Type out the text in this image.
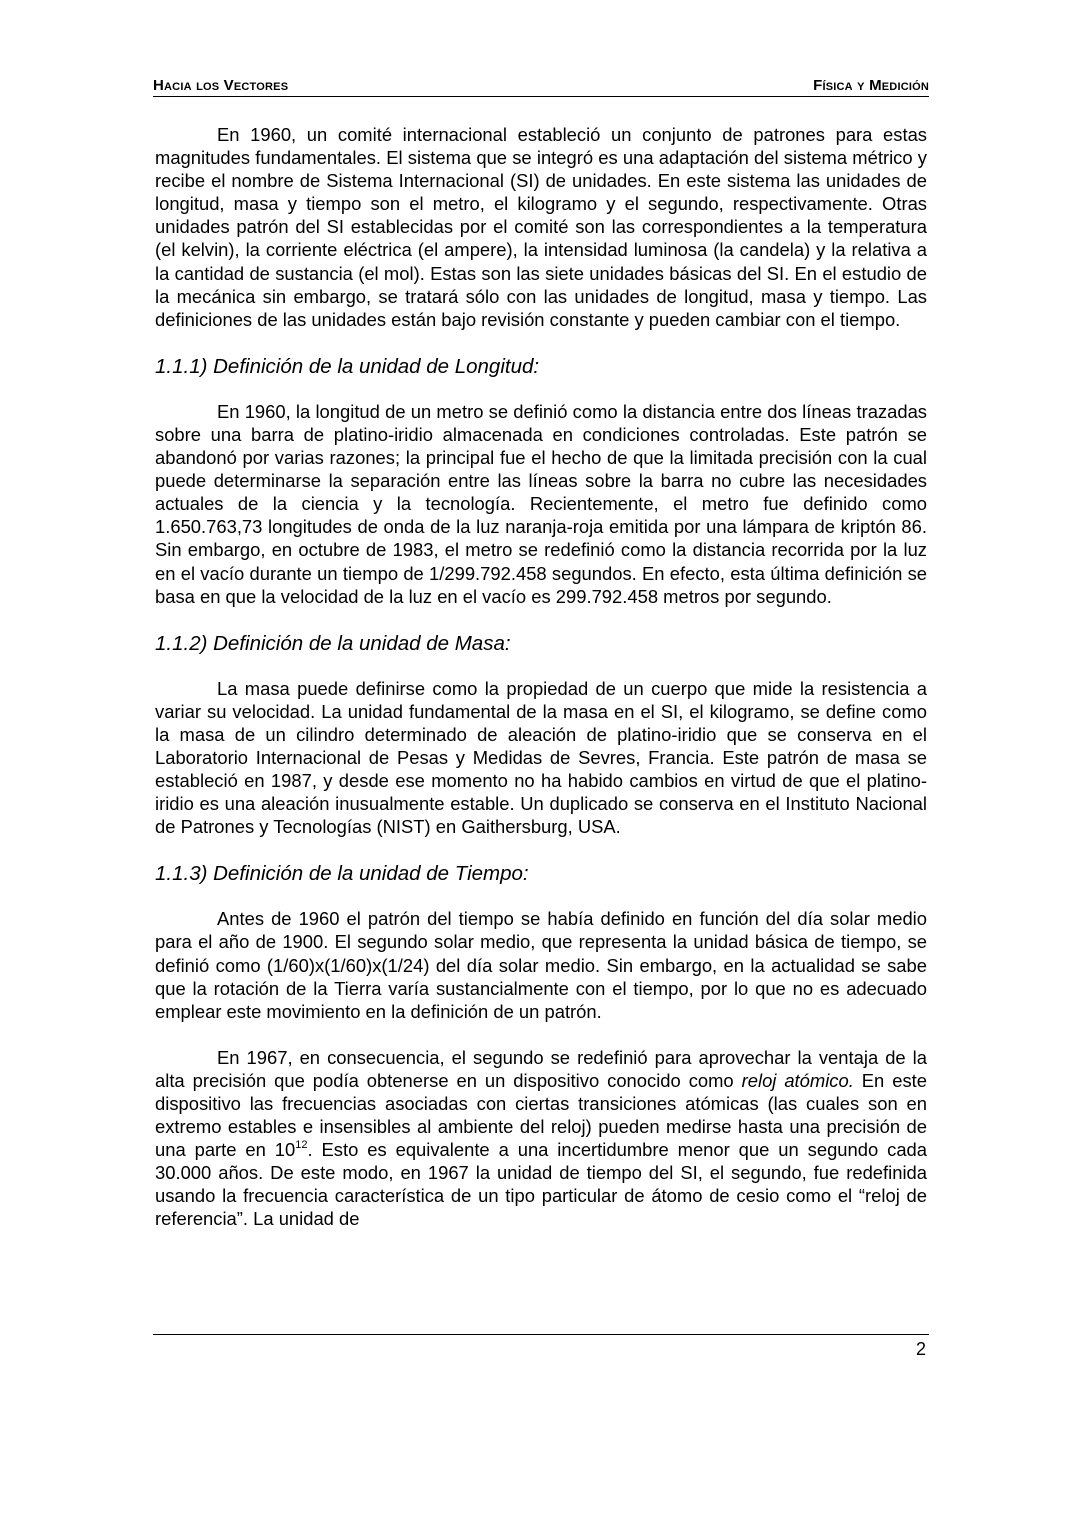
Hacia los Vectores	Física y Medición

En 1960, un comité internacional estableció un conjunto de patrones para estas magnitudes fundamentales. El sistema que se integró es una adaptación del sistema métrico y recibe el nombre de Sistema Internacional (SI) de unidades. En este sistema las unidades de longitud, masa y tiempo son el metro, el kilogramo y el segundo, respectivamente. Otras unidades patrón del SI establecidas por el comité son las correspondientes a la temperatura (el kelvin), la corriente eléctrica (el ampere), la intensidad luminosa (la candela) y la relativa a la cantidad de sustancia (el mol). Estas son las siete unidades básicas del SI. En el estudio de la mecánica sin embargo, se tratará sólo con las unidades de longitud, masa y tiempo. Las definiciones de las unidades están bajo revisión constante y pueden cambiar con el tiempo.

1.1.1) Definición de la unidad de Longitud:

En 1960, la longitud de un metro se definió como la distancia entre dos líneas trazadas sobre una barra de platino-iridio almacenada en condiciones controladas. Este patrón se abandonó por varias razones; la principal fue el hecho de que la limitada precisión con la cual puede determinarse la separación entre las líneas sobre la barra no cubre las necesidades actuales de la ciencia y la tecnología. Recientemente, el metro fue definido como 1.650.763,73 longitudes de onda de la luz naranja-roja emitida por una lámpara de kriptón 86. Sin embargo, en octubre de 1983, el metro se redefinió como la distancia recorrida por la luz en el vacío durante un tiempo de 1/299.792.458 segundos. En efecto, esta última definición se basa en que la velocidad de la luz en el vacío es 299.792.458 metros por segundo.

1.1.2) Definición de la unidad de Masa:

La masa puede definirse como la propiedad de un cuerpo que mide la resistencia a variar su velocidad. La unidad fundamental de la masa en el SI, el kilogramo, se define como la masa de un cilindro determinado de aleación de platino-iridio que se conserva en el Laboratorio Internacional de Pesas y Medidas de Sevres, Francia. Este patrón de masa se estableció en 1987, y desde ese momento no ha habido cambios en virtud de que el platino-iridio es una aleación inusualmente estable. Un duplicado se conserva en el Instituto Nacional de Patrones y Tecnologías (NIST) en Gaithersburg, USA.

1.1.3) Definición de la unidad de Tiempo:

Antes de 1960 el patrón del tiempo se había definido en función del día solar medio para el año de 1900. El segundo solar medio, que representa la unidad básica de tiempo, se definió como (1/60)x(1/60)x(1/24) del día solar medio. Sin embargo, en la actualidad se sabe que la rotación de la Tierra varía sustancialmente con el tiempo, por lo que no es adecuado emplear este movimiento en la definición de un patrón.

En 1967, en consecuencia, el segundo se redefinió para aprovechar la ventaja de la alta precisión que podía obtenerse en un dispositivo conocido como reloj atómico. En este dispositivo las frecuencias asociadas con ciertas transiciones atómicas (las cuales son en extremo estables e insensibles al ambiente del reloj) pueden medirse hasta una precisión de una parte en $10^{12}$. Esto es equivalente a una incertidumbre menor que un segundo cada 30.000 años. De este modo, en 1967 la unidad de tiempo del SI, el segundo, fue redefinida usando la frecuencia característica de un tipo particular de átomo de cesio como el “reloj de referencia”. La unidad de

2
